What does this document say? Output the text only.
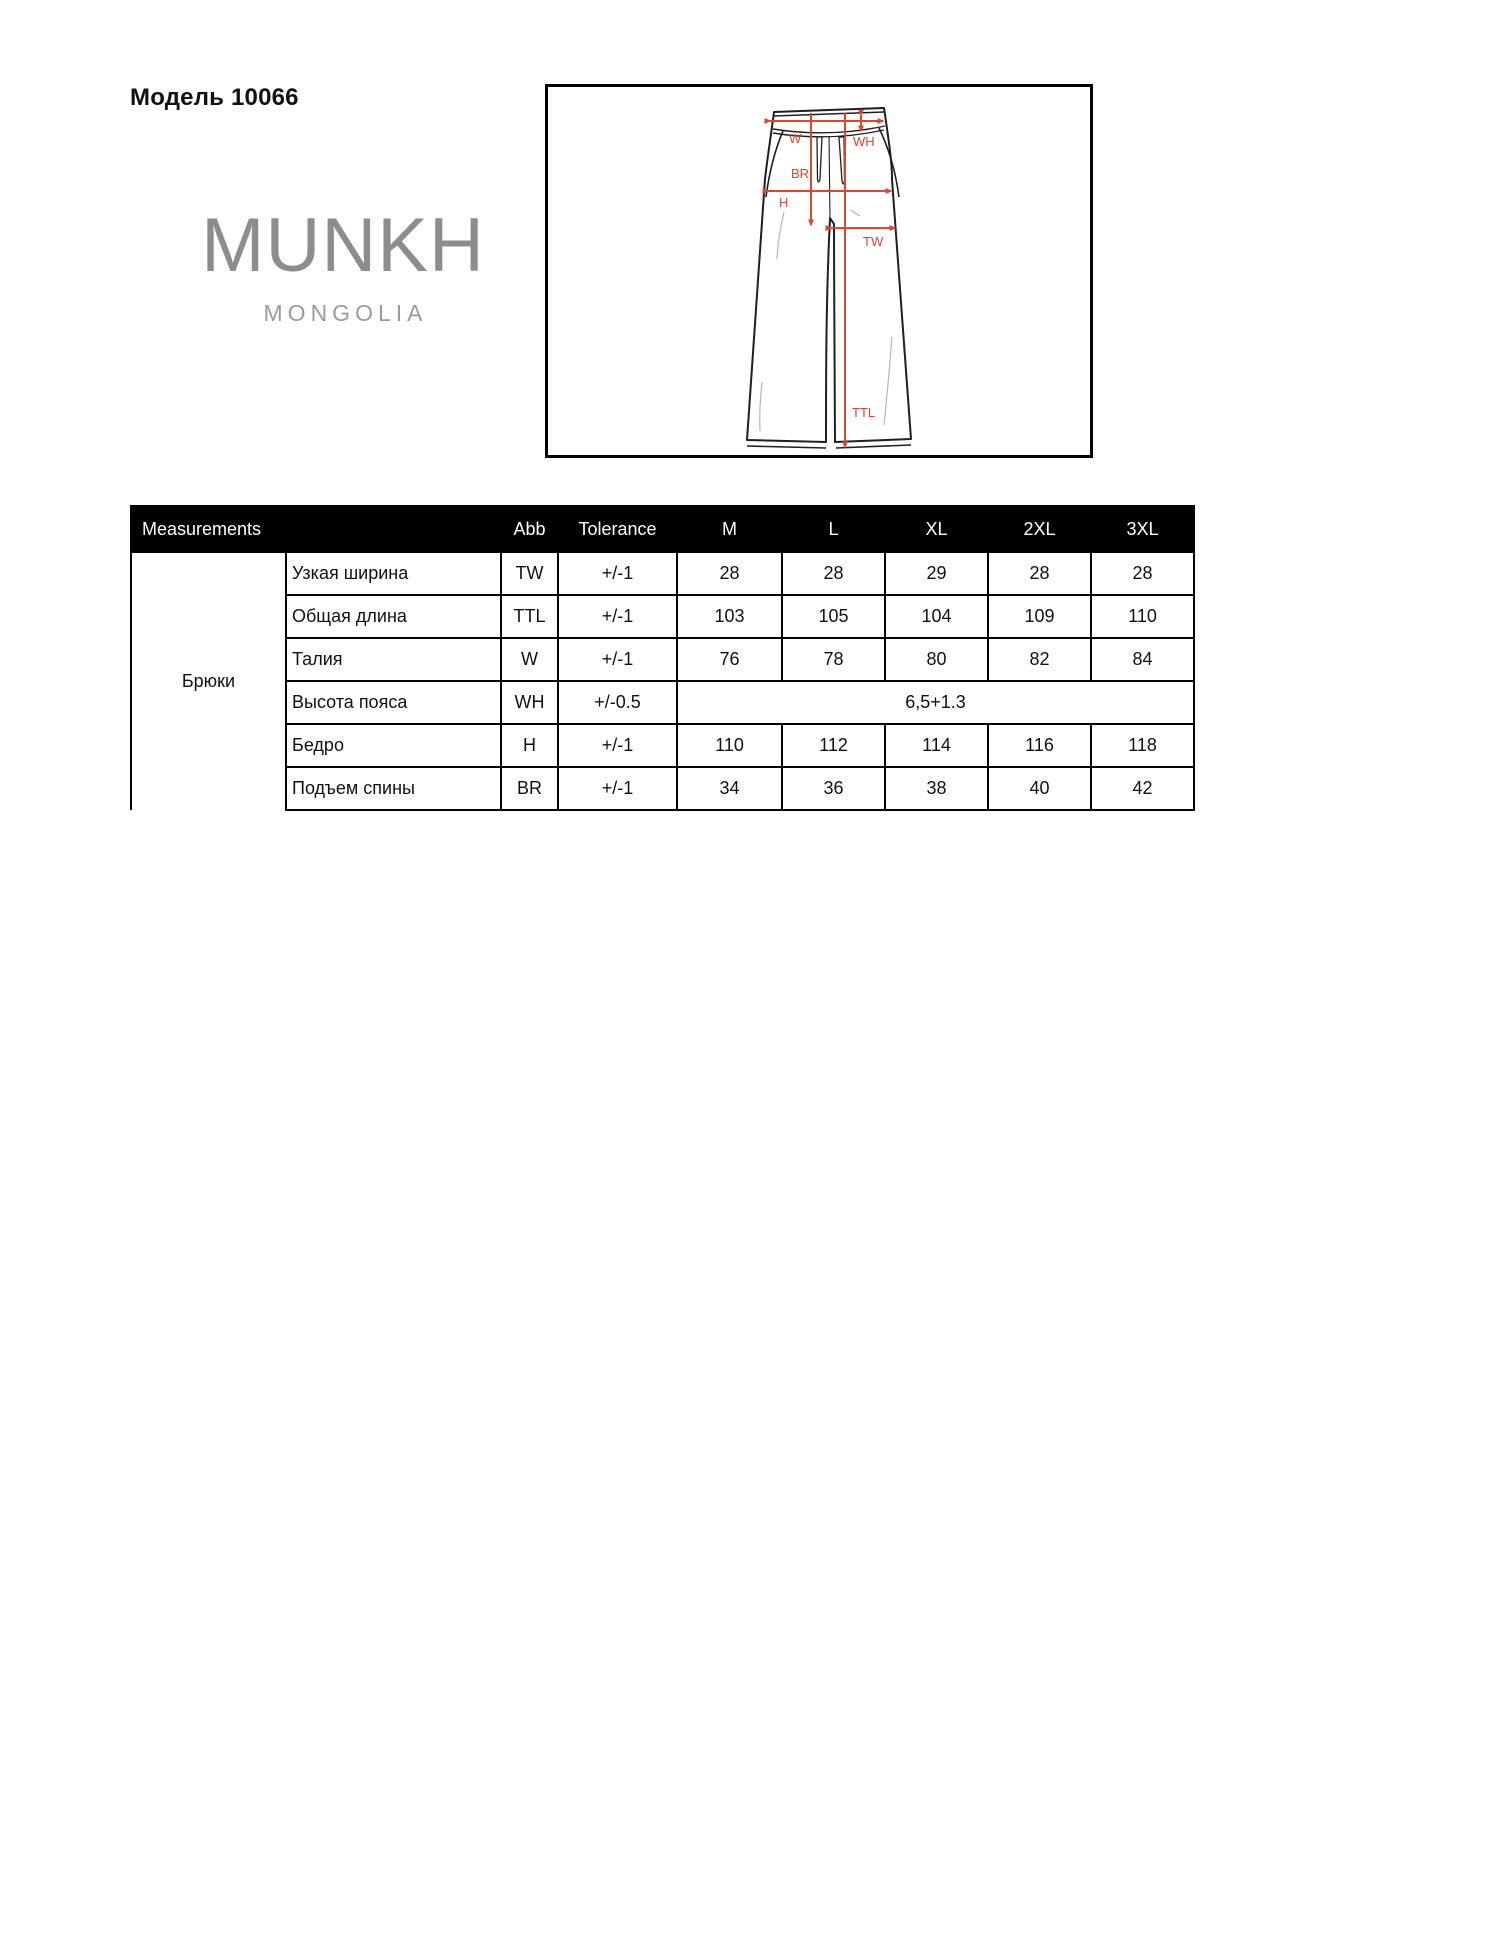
Модель 10066
MUNKH
MONGOLIA
W	WH
BR
H
TW
TTL
Measurements		Abb	Tolerance	M	L	XL	2XL	3XL
Брюки	Узкая ширина	TW	+/-1	28	28	29	28	28
	Общая длина	TTL	+/-1	103	105	104	109	110
	Талия	W	+/-1	76	78	80	82	84
	Высота пояса	WH	+/-0.5	6,5+1.3				
	Бедро	H	+/-1	110	112	114	116	118
	Подъем спины	BR	+/-1	34	36	38	40	42
